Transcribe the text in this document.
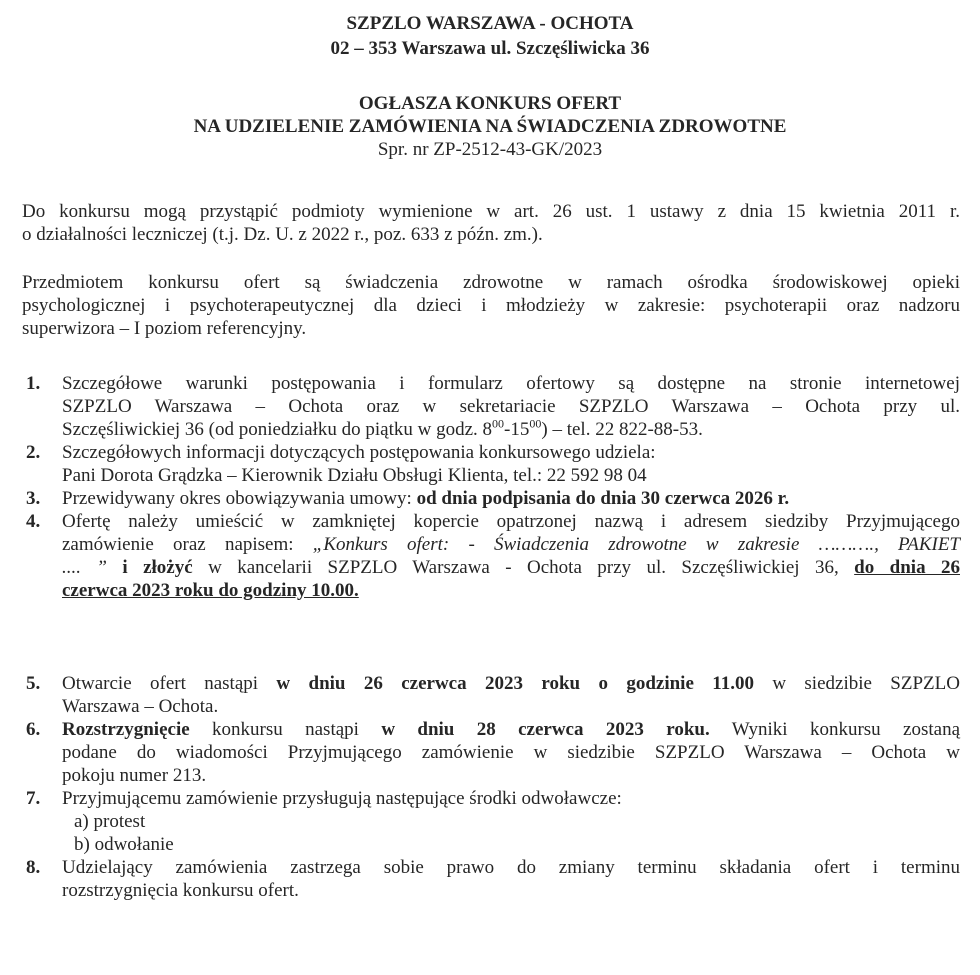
SZPZLO WARSZAWA - OCHOTA
02 – 353 Warszawa ul. Szczęśliwicka 36
OGŁASZA KONKURS OFERT
NA UDZIELENIE ZAMÓWIENIA NA ŚWIADCZENIA ZDROWOTNE
Spr. nr ZP-2512-43-GK/2023
Do konkursu mogą przystąpić podmioty wymienione w art. 26 ust. 1 ustawy z dnia 15 kwietnia 2011 r.
o działalności leczniczej (t.j. Dz. U. z 2022 r., poz. 633 z późn. zm.).
Przedmiotem konkursu ofert są świadczenia zdrowotne w ramach ośrodka środowiskowej opieki
psychologicznej i psychoterapeutycznej dla dzieci i młodzieży w zakresie: psychoterapii oraz nadzoru
superwizora – I poziom referencyjny.
1. Szczegółowe warunki postępowania i formularz ofertowy są dostępne na stronie internetowej
SZPZLO Warszawa – Ochota oraz w sekretariacie SZPZLO Warszawa – Ochota przy ul.
Szczęśliwickiej 36 (od poniedziałku do piątku w godz. $8^{00}-15^{00}$) – tel. 22 822-88-53.
2. Szczegółowych informacji dotyczących postępowania konkursowego udziela:
Pani Dorota Grądzka – Kierownik Działu Obsługi Klienta, tel.: 22 592 98 04
3. Przewidywany okres obowiązywania umowy: od dnia podpisania do dnia 30 czerwca 2026 r.
4. Ofertę należy umieścić w zamkniętej kopercie opatrzonej nazwą i adresem siedziby Przyjmującego
zamówienie oraz napisem: „Konkurs ofert: - Świadczenia zdrowotne w zakresie ………., PAKIET
.... ” i złożyć w kancelarii SZPZLO Warszawa - Ochota przy ul. Szczęśliwickiej 36, do dnia 26
czerwca 2023 roku do godziny 10.00.
5. Otwarcie ofert nastąpi w dniu 26 czerwca 2023 roku o godzinie 11.00 w siedzibie SZPZLO
Warszawa – Ochota.
6. Rozstrzygnięcie konkursu nastąpi w dniu 28 czerwca 2023 roku. Wyniki konkursu zostaną
podane do wiadomości Przyjmującego zamówienie w siedzibie SZPZLO Warszawa – Ochota w
pokoju numer 213.
7. Przyjmującemu zamówienie przysługują następujące środki odwoławcze:
a) protest
b) odwołanie
8. Udzielający zamówienia zastrzega sobie prawo do zmiany terminu składania ofert i terminu
rozstrzygnięcia konkursu ofert.
